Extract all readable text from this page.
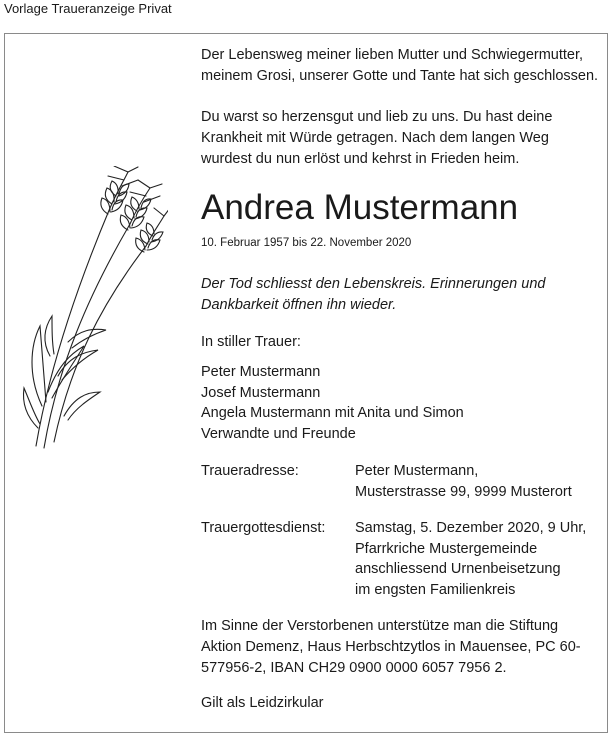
Vorlage Traueranzeige Privat

Der Lebensweg meiner lieben Mutter und Schwiegermutter, meinem Grosi, unserer Gotte und Tante hat sich geschlossen.

Du warst so herzensgut und lieb zu uns. Du hast deine Krankheit mit Würde getragen. Nach dem langen Weg wurdest du nun erlöst und kehrst in Frieden heim.

Andrea Mustermann
10. Februar 1957 bis 22. November 2020
Der Tod schliesst den Lebenskreis. Erinnerungen und Dankbarkeit öffnen ihn wieder.
In stiller Trauer:
Peter Mustermann
Josef Mustermann
Angela Mustermann mit Anita und Simon
Verwandte und Freunde
Traueradresse:	Peter Mustermann,
Musterstrasse 99, 9999 Musterort
Trauergottesdienst: Samstag, 5. Dezember 2020, 9 Uhr,
Pfarrkriche Mustergemeinde
anschliessend Urnenbeisetzung
im engsten Familienkreis
Im Sinne der Verstorbenen unterstütze man die Stiftung Aktion Demenz, Haus Herbschtzytlos in Mauensee, PC 60-577956-2, IBAN CH29 0900 0000 6057 7956 2.
Gilt als Leidzirkular
